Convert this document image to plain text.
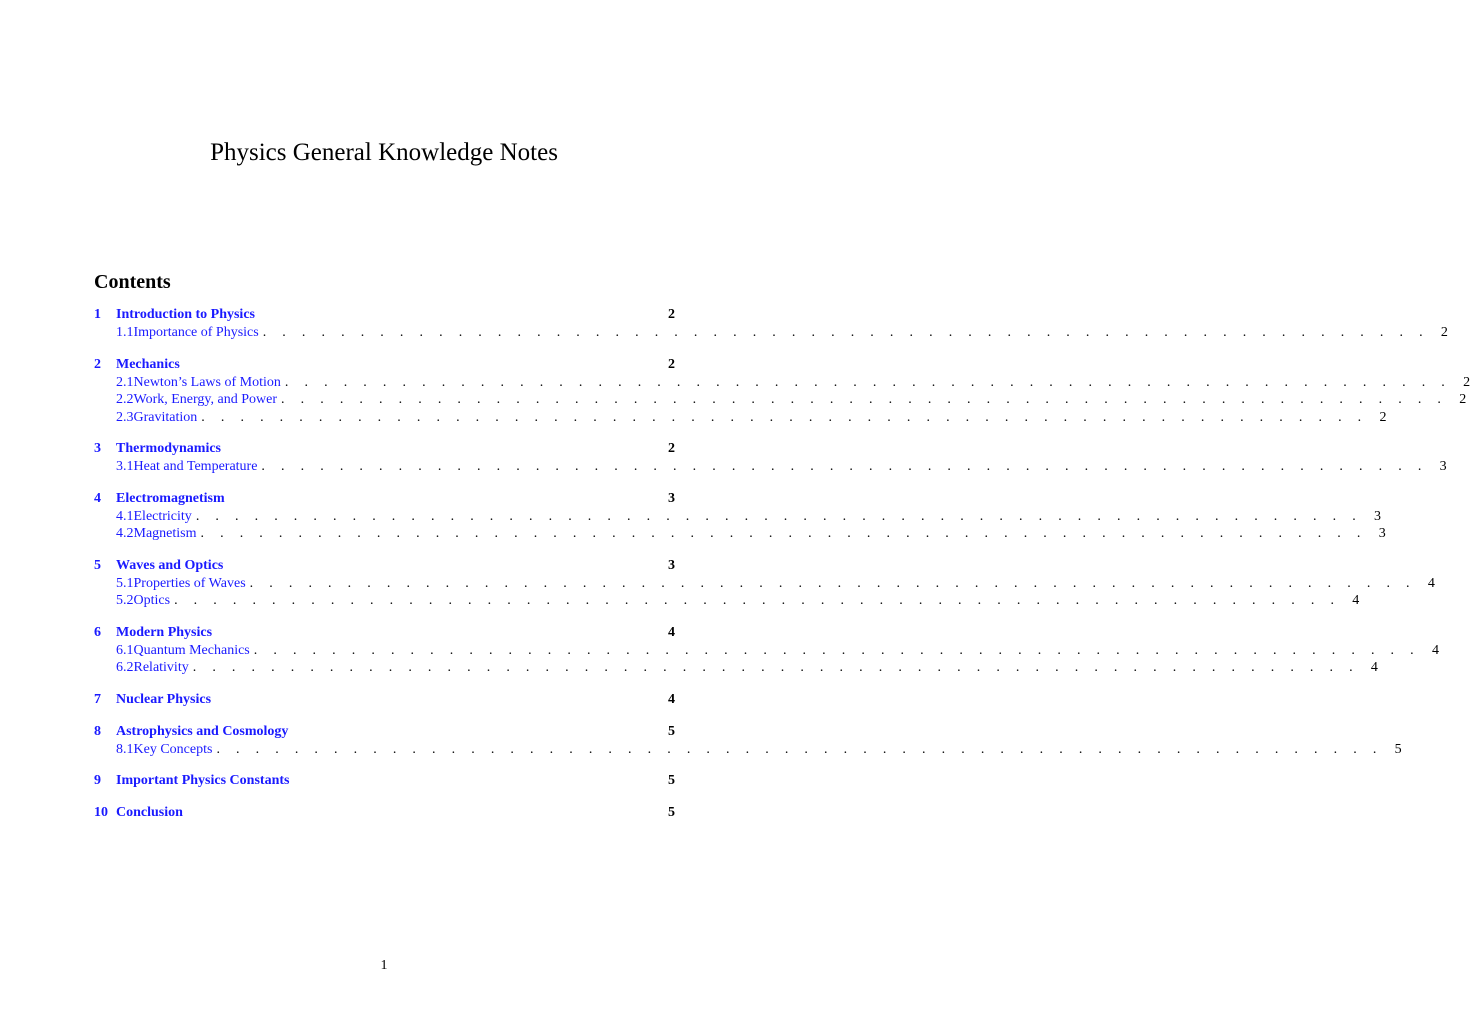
Physics General Knowledge Notes
Contents
1	Introduction to Physics	2
1.1 Importance of Physics . . . . . . . . . . . . . . . . . . . . . . . . . . . . . . . . . . . . . . . . . . . . . . . . . . . . . . . . . . . . 2
2	Mechanics	2
2.1 Newton’s Laws of Motion . . . . . . . . . . . . . . . . . . . . . . . . . . . . . . . . . . . . . . . . . . . . . . . . . . . . . . . . . . . . 2
2.2 Work, Energy, and Power . . . . . . . . . . . . . . . . . . . . . . . . . . . . . . . . . . . . . . . . . . . . . . . . . . . . . . . . . . . . 2
2.3 Gravitation . . . . . . . . . . . . . . . . . . . . . . . . . . . . . . . . . . . . . . . . . . . . . . . . . . . . . . . . . . . . 2
3	Thermodynamics	2
3.1 Heat and Temperature . . . . . . . . . . . . . . . . . . . . . . . . . . . . . . . . . . . . . . . . . . . . . . . . . . . . . . . . . . . . 3
4	Electromagnetism	3
4.1 Electricity . . . . . . . . . . . . . . . . . . . . . . . . . . . . . . . . . . . . . . . . . . . . . . . . . . . . . . . . . . . . 3
4.2 Magnetism . . . . . . . . . . . . . . . . . . . . . . . . . . . . . . . . . . . . . . . . . . . . . . . . . . . . . . . . . . . . 3
5	Waves and Optics	3
5.1 Properties of Waves . . . . . . . . . . . . . . . . . . . . . . . . . . . . . . . . . . . . . . . . . . . . . . . . . . . . . . . . . . . . 4
5.2 Optics . . . . . . . . . . . . . . . . . . . . . . . . . . . . . . . . . . . . . . . . . . . . . . . . . . . . . . . . . . . . 4
6	Modern Physics	4
6.1 Quantum Mechanics . . . . . . . . . . . . . . . . . . . . . . . . . . . . . . . . . . . . . . . . . . . . . . . . . . . . . . . . . . . . 4
6.2 Relativity . . . . . . . . . . . . . . . . . . . . . . . . . . . . . . . . . . . . . . . . . . . . . . . . . . . . . . . . . . . . 4
7	Nuclear Physics	4
8	Astrophysics and Cosmology	5
8.1 Key Concepts . . . . . . . . . . . . . . . . . . . . . . . . . . . . . . . . . . . . . . . . . . . . . . . . . . . . . . . . . . . . 5
9	Important Physics Constants	5
10 Conclusion	5
1
